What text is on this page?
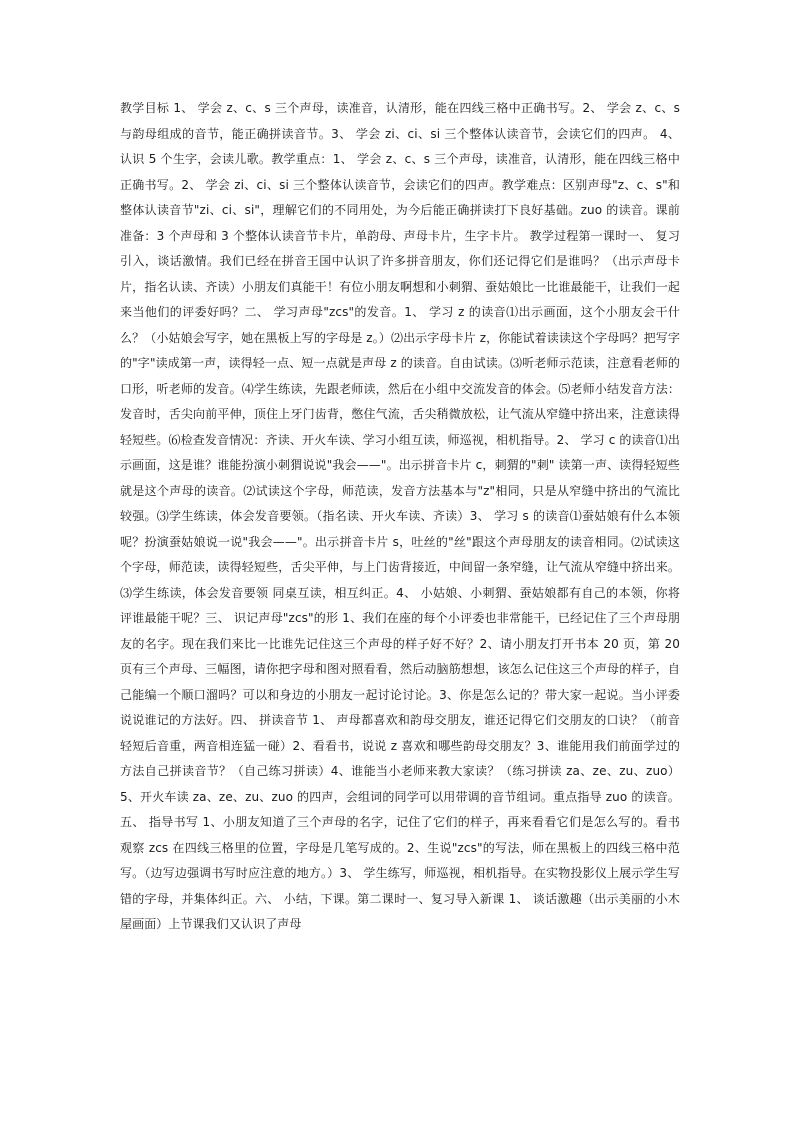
教学目标 1、 学会 z、c、s 三个声母，读准音，认清形，能在四线三格中正确书写。2、 学会 z、c、s 与韵母组成的音节，能正确拼读音节。3、 学会 zi、ci、si 三个整体认读音节，会读它们的四声。 4、 认识 5 个生字，会读儿歌。教学重点：1、 学会 z、c、s 三个声母，读准音，认清形，能在四线三格中正确书写。2、 学会 zi、ci、si 三个整体认读音节，会读它们的四声。教学难点：区别声母"z、c、s"和整体认读音节"zi、ci、si"，理解它们的不同用处，为今后能正确拼读打下良好基础。zuo 的读音。课前准备：3 个声母和 3 个整体认读音节卡片，单韵母、声母卡片，生字卡片。 教学过程第一课时一、 复习引入，谈话激情。我们已经在拼音王国中认识了许多拼音朋友，你们还记得它们是谁吗？（出示声母卡片，指名认读、齐读）小朋友们真能干！有位小朋友啊想和小刺猬、蚕姑娘比一比谁最能干，让我们一起来当他们的评委好吗？二、 学习声母"zcs"的发音。1、 学习 z 的读音⑴出示画面，这个小朋友会干什么？（小姑娘会写字，她在黑板上写的字母是 z。）⑵出示字母卡片 z，你能试着读读这个字母吗？把写字的"字"读成第一声，读得轻一点、短一点就是声母 z 的读音。自由试读。⑶听老师示范读，注意看老师的口形，听老师的发音。⑷学生练读，先跟老师读，然后在小组中交流发音的体会。⑸老师小结发音方法：发音时，舌尖向前平伸，顶住上牙门齿背，憋住气流，舌尖稍微放松，让气流从窄缝中挤出来，注意读得轻短些。⑹检查发音情况：齐读、开火车读、学习小组互读，师巡视，相机指导。2、 学习 c 的读音⑴出示画面，这是谁？谁能扮演小刺猬说说"我会——"。出示拼音卡片 c，刺猬的"刺" 读第一声、读得轻短些就是这个声母的读音。⑵试读这个字母，师范读，发音方法基本与"z"相同，只是从窄缝中挤出的气流比较强。⑶学生练读，体会发音要领。（指名读、开火车读、齐读）3、 学习 s 的读音⑴蚕姑娘有什么本领呢？扮演蚕姑娘说一说"我会——"。出示拼音卡片 s，吐丝的"丝"跟这个声母朋友的读音相同。⑵试读这个字母，师范读，读得轻短些，舌尖平伸，与上门齿背接近，中间留一条窄缝，让气流从窄缝中挤出来。⑶学生练读，体会发音要领 同桌互读，相互纠正。4、 小姑娘、小刺猬、蚕姑娘都有自己的本领，你将评谁最能干呢？三、 识记声母"zcs"的形 1、我们在座的每个小评委也非常能干，已经记住了三个声母朋友的名字。现在我们来比一比谁先记住这三个声母的样子好不好？2、请小朋友打开书本 20 页，第 20 页有三个声母、三幅图，请你把字母和图对照看看，然后动脑筋想想，该怎么记住这三个声母的样子，自己能编一个顺口溜吗？可以和身边的小朋友一起讨论讨论。3、你是怎么记的？带大家一起说。当小评委说说谁记的方法好。四、 拼读音节 1、 声母都喜欢和韵母交朋友，谁还记得它们交朋友的口诀？（前音轻短后音重，两音相连猛一碰）2、看看书，说说 z 喜欢和哪些韵母交朋友？3、谁能用我们前面学过的方法自己拼读音节？（自己练习拼读）4、谁能当小老师来教大家读？（练习拼读 za、ze、zu、zuo）5、开火车读 za、ze、zu、zuo 的四声，会组词的同学可以用带调的音节组词。重点指导 zuo 的读音。五、 指导书写 1、小朋友知道了三个声母的名字，记住了它们的样子，再来看看它们是怎么写的。看书观察 zcs 在四线三格里的位置，字母是几笔写成的。2、生说"zcs"的写法，师在黑板上的四线三格中范写。（边写边强调书写时应注意的地方。）3、 学生练写，师巡视，相机指导。在实物投影仪上展示学生写错的字母，并集体纠正。六、 小结，下课。第二课时一、复习导入新课 1、 谈话激趣（出示美丽的小木屋画面）上节课我们又认识了声母
